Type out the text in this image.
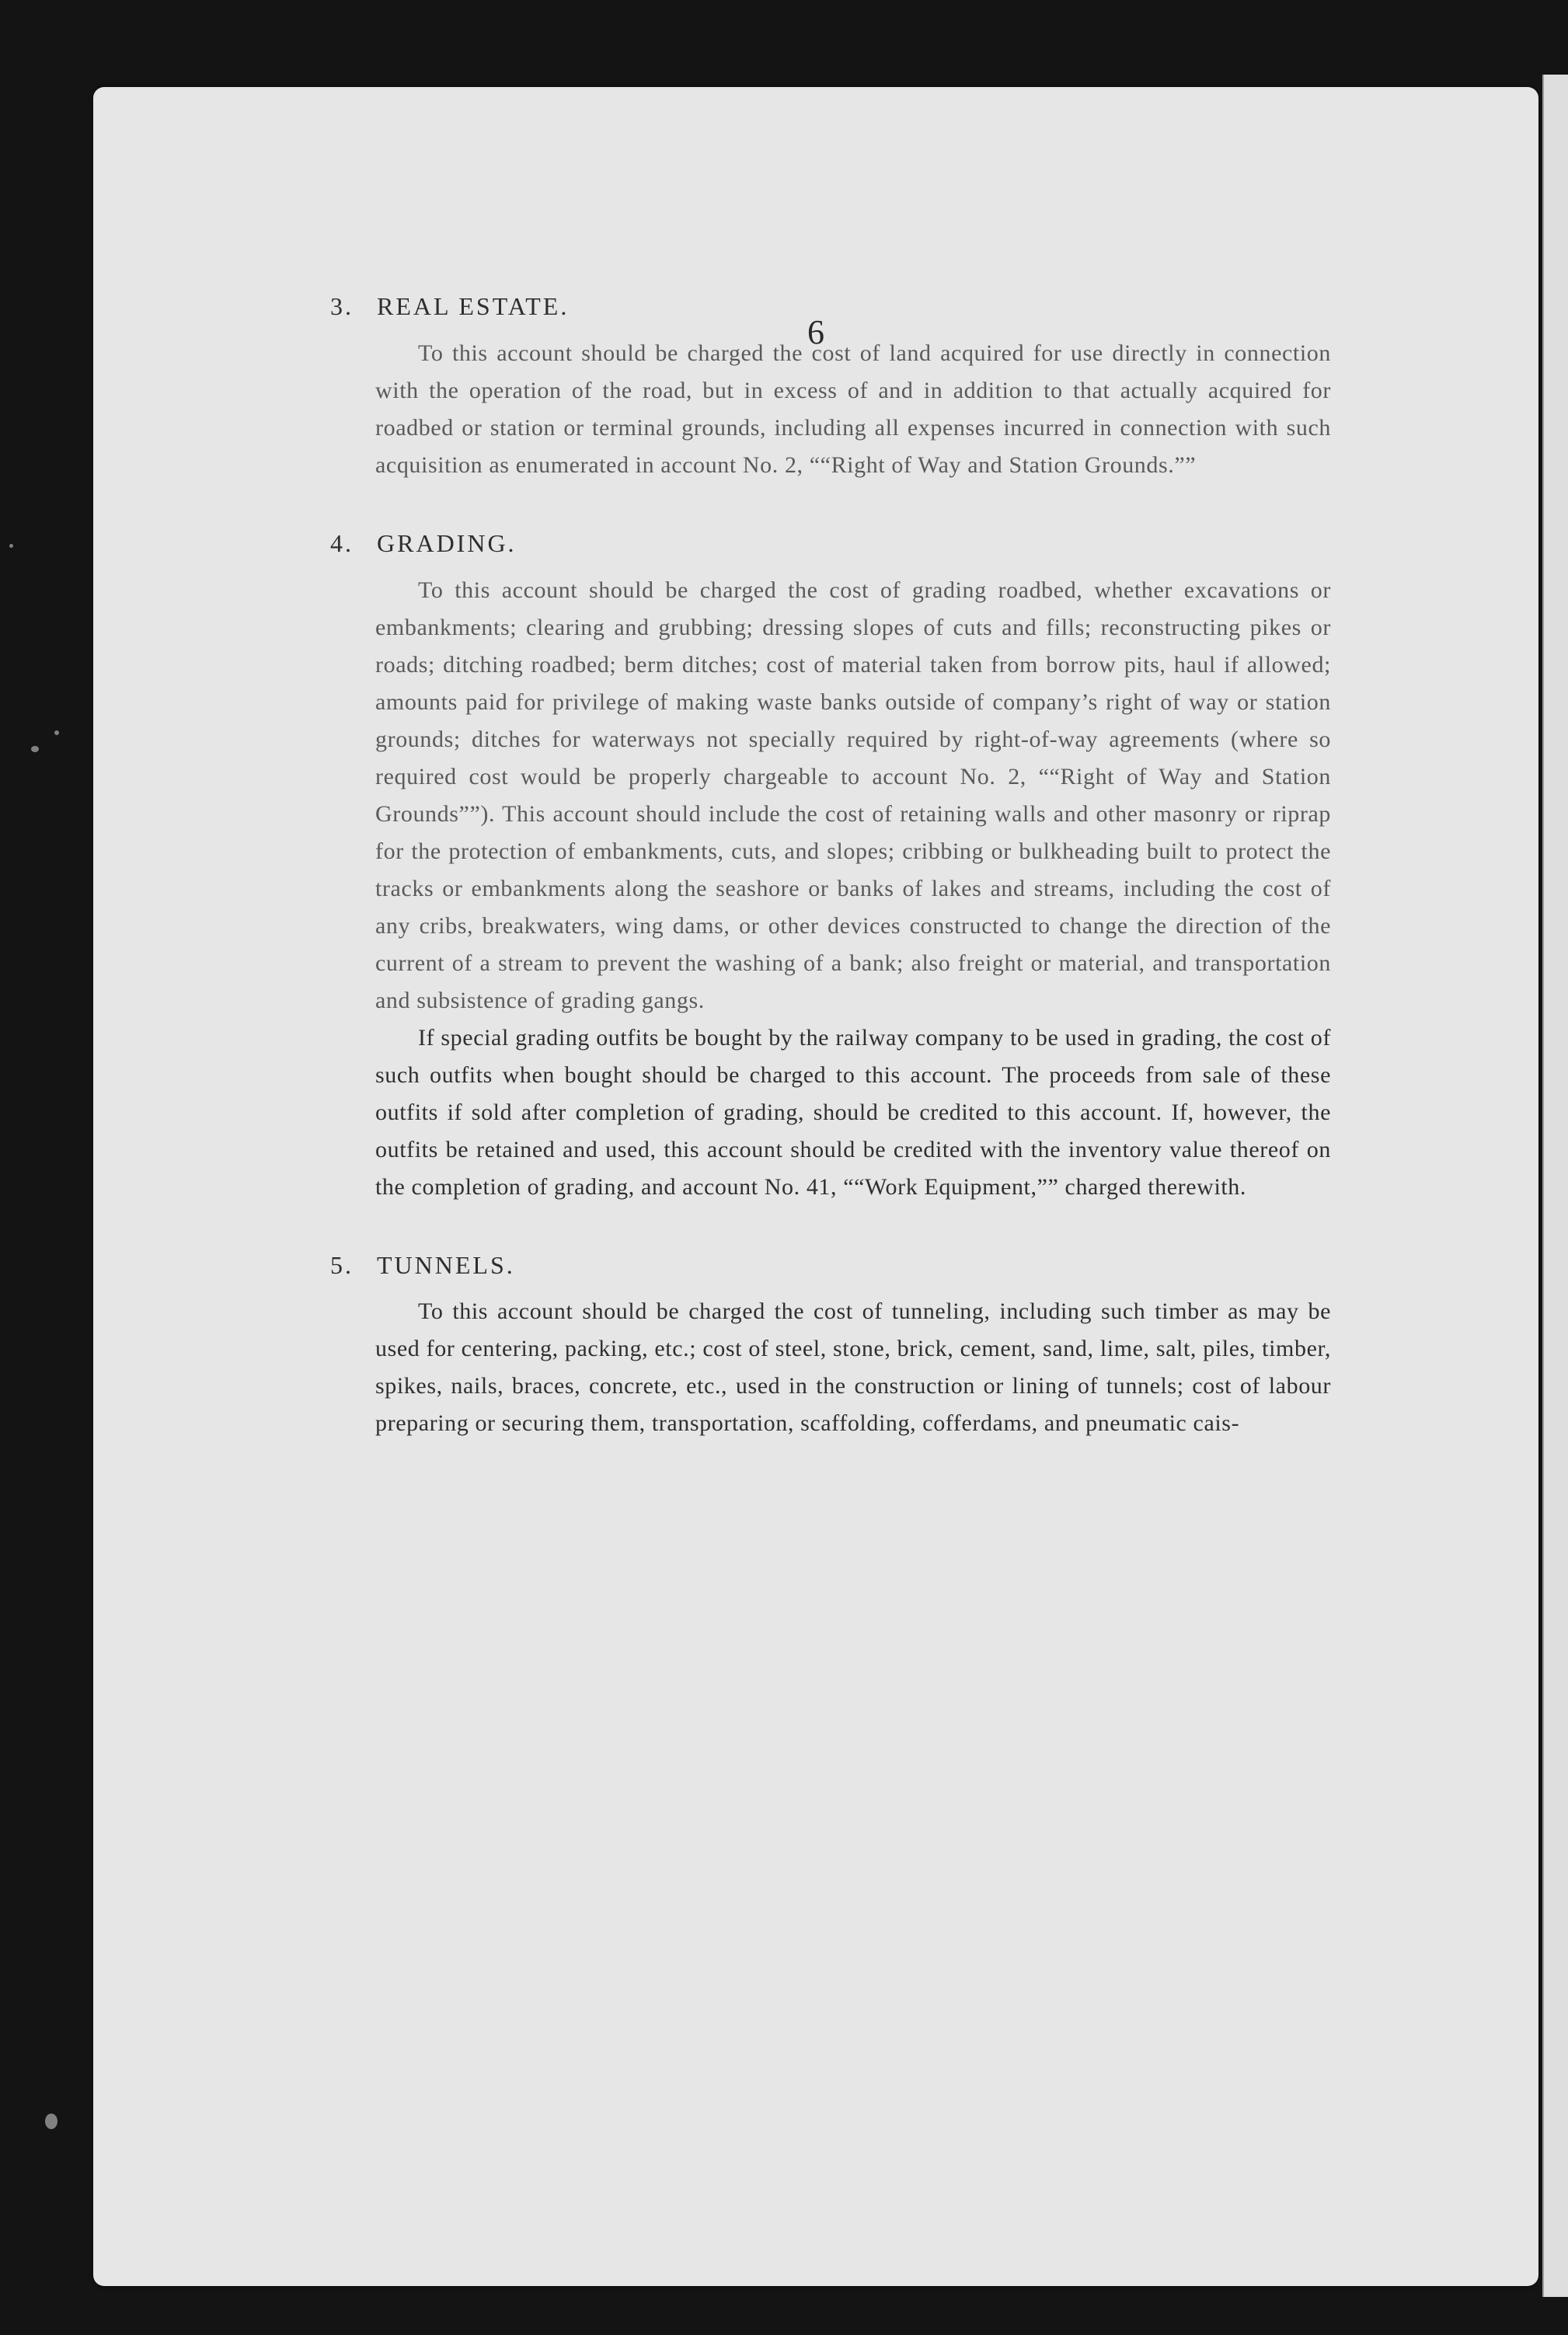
6
3. REAL ESTATE.

To this account should be charged the cost of land acquired for use directly in connection with the operation of the road, but in excess of and in addition to that actually acquired for roadbed or station or terminal grounds, including all expenses incurred in connection with such acquisition as enumerated in account No. 2, ““Right of Way and Station Grounds.””

4. GRADING.

To this account should be charged the cost of grading roadbed, whether excavations or embankments; clearing and grubbing; dressing slopes of cuts and fills; reconstructing pikes or roads; ditching roadbed; berm ditches; cost of material taken from borrow pits, haul if allowed; amounts paid for privilege of making waste banks outside of company’s right of way or station grounds; ditches for waterways not specially required by right-of-way agreements (where so required cost would be properly chargeable to account No. 2, ““Right of Way and Station Grounds””). This account should include the cost of retaining walls and other masonry or riprap for the protection of embankments, cuts, and slopes; cribbing or bulkheading built to protect the tracks or embankments along the seashore or banks of lakes and streams, including the cost of any cribs, breakwaters, wing dams, or other devices constructed to change the direction of the current of a stream to prevent the washing of a bank; also freight or material, and transportation and subsistence of grading gangs.

If special grading outfits be bought by the railway company to be used in grading, the cost of such outfits when bought should be charged to this account. The proceeds from sale of these outfits if sold after completion of grading, should be credited to this account. If, however, the outfits be retained and used, this account should be credited with the inventory value thereof on the completion of grading, and account No. 41, ““Work Equipment,”” charged therewith.

5. TUNNELS.

To this account should be charged the cost of tunneling, including such timber as may be used for centering, packing, etc.; cost of steel, stone, brick, cement, sand, lime, salt, piles, timber, spikes, nails, braces, concrete, etc., used in the construction or lining of tunnels; cost of labour preparing or securing them, transportation, scaffolding, cofferdams, and pneumatic cais-
